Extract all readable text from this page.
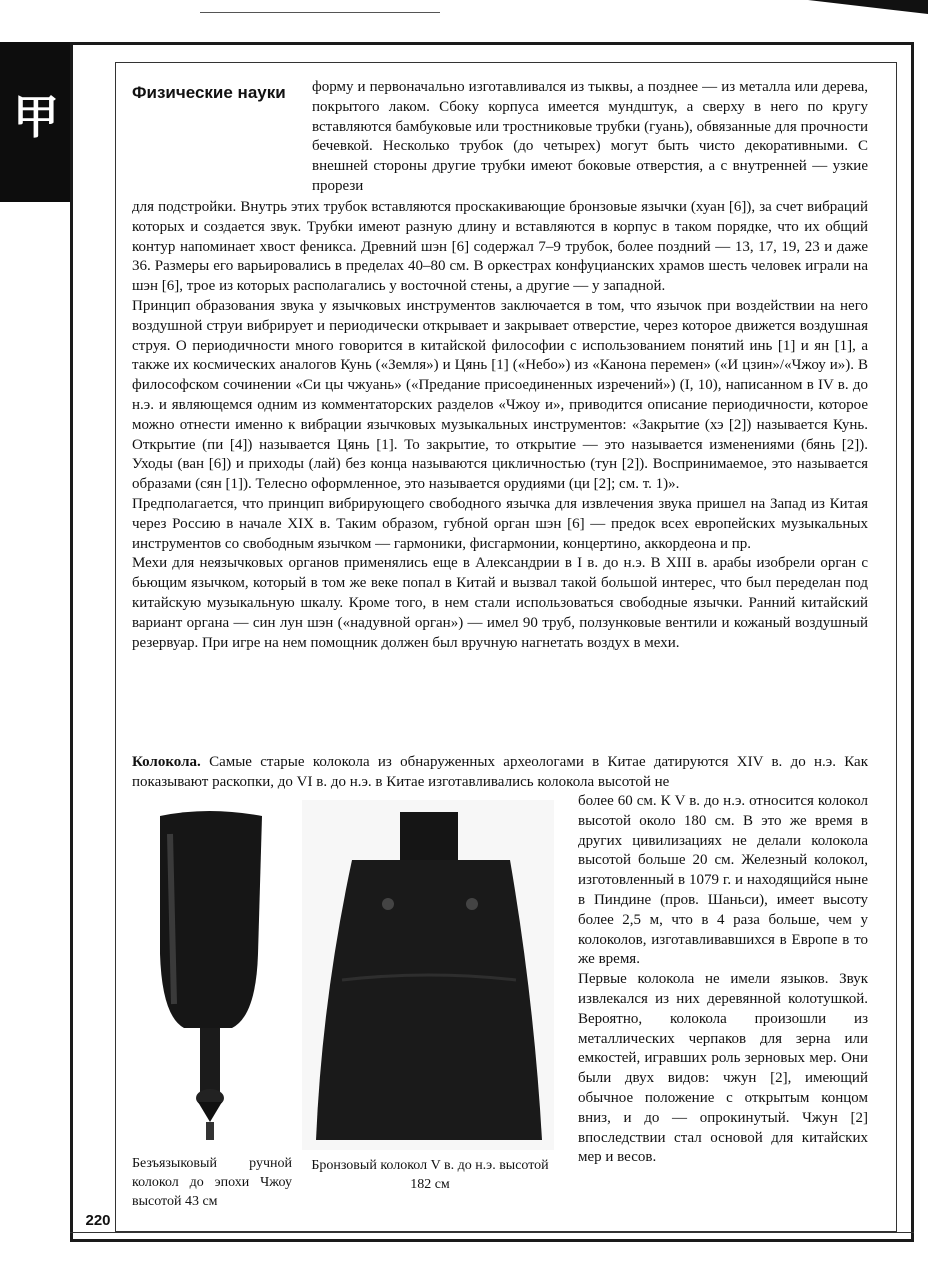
甲	Физические науки	форму и первоначально изготавливался из тыквы, а позднее — из металла или дерева, покрытого лаком. Сбоку корпуса имеется мундштук, а сверху в него по кругу вставляются бамбуковые или тростниковые трубки (гуань), обвязанные для прочности бечевкой. Несколько трубок (до четырех) могут быть чисто декоративными. С внешней стороны другие трубки имеют боковые отверстия, а с внутренней — узкие прорези

для подстройки. Внутрь этих трубок вставляются проскакивающие бронзовые язычки (хуан [6]), за счет вибраций которых и создается звук. Трубки имеют разную длину и вставляются в корпус в таком порядке, что их общий контур напоминает хвост феникса. Древний шэн [6] содержал 7–9 трубок, более поздний — 13, 17, 19, 23 и даже 36. Размеры его варьировались в пределах 40–80 см. В оркестрах конфуцианских храмов шесть человек играли на шэн [6], трое из которых располагались у восточной стены, а другие — у западной.

Принцип образования звука у язычковых инструментов заключается в том, что язычок при воздействии на него воздушной струи вибрирует и периодически открывает и закрывает отверстие, через которое движется воздушная струя. О периодичности много говорится в китайской философии с использованием понятий инь [1] и ян [1], а также их космических аналогов Кунь («Земля») и Цянь [1] («Небо») из «Канона перемен» («И цзин»/«Чжоу и»). В философском сочинении «Си цы чжуань» («Предание присоединенных изречений») (I, 10), написанном в IV в. до н.э. и являющемся одним из комментаторских разделов «Чжоу и», приводится описание периодичности, которое можно отнести именно к вибрации язычковых музыкальных инструментов: «Закрытие (хэ [2]) называется Кунь. Открытие (пи [4]) называется Цянь [1]. То закрытие, то открытие — это называется изменениями (бянь [2]). Уходы (ван [6]) и приходы (лай) без конца называются цикличностью (тун [2]). Воспринимаемое, это называется образами (сян [1]). Телесно оформленное, это называется орудиями (ци [2]; см. т. 1)».

Предполагается, что принцип вибрирующего свободного язычка для извлечения звука пришел на Запад из Китая через Россию в начале XIX в. Таким образом, губной орган шэн [6] — предок всех европейских музыкальных инструментов со свободным язычком — гармоники, фисгармонии, концертино, аккордеона и пр.

Мехи для неязычковых органов применялись еще в Александрии в I в. до н.э. В XIII в. арабы изобрели орган с бьющим язычком, который в том же веке попал в Китай и вызвал такой большой интерес, что был переделан под китайскую музыкальную шкалу. Кроме того, в нем стали использоваться свободные язычки. Ранний китайский вариант органа — син лун шэн («надувной орган») — имел 90 труб, ползунковые вентили и кожаный воздушный резервуар. При игре на нем помощник должен был вручную нагнетать воздух в мехи.

Колокола. Самые старые колокола из обнаруженных археологами в Китае датируются XIV в. до н.э. Как показывают раскопки, до VI в. до н.э. в Китае изготавливались колокола высотой не

более 60 см. К V в. до н.э. относится колокол высотой около 180 см. В это же время в других цивилизациях не делали колокола высотой больше 20 см. Железный колокол, изготовленный в 1079 г. и находящийся ныне в Пиндине (пров. Шаньси), имеет высоту более 2,5 м, что в 4 раза больше, чем у колоколов, изготавливавшихся в Европе в то же время.

Первые колокола не имели языков. Звук извлекался из них деревянной колотушкой. Вероятно, колокола произошли из металлических черпаков для зерна или емкостей, игравших роль зерновых мер. Они были двух видов: чжун [2], имеющий обычное положение с открытым концом вниз, и до — опрокинутый. Чжун [2] впоследствии стал основой для китайских мер и весов.

Безъязыковый ручной колокол до эпохи Чжоу высотой 43 см

Бронзовый колокол V в. до н.э. высотой 182 см

220
